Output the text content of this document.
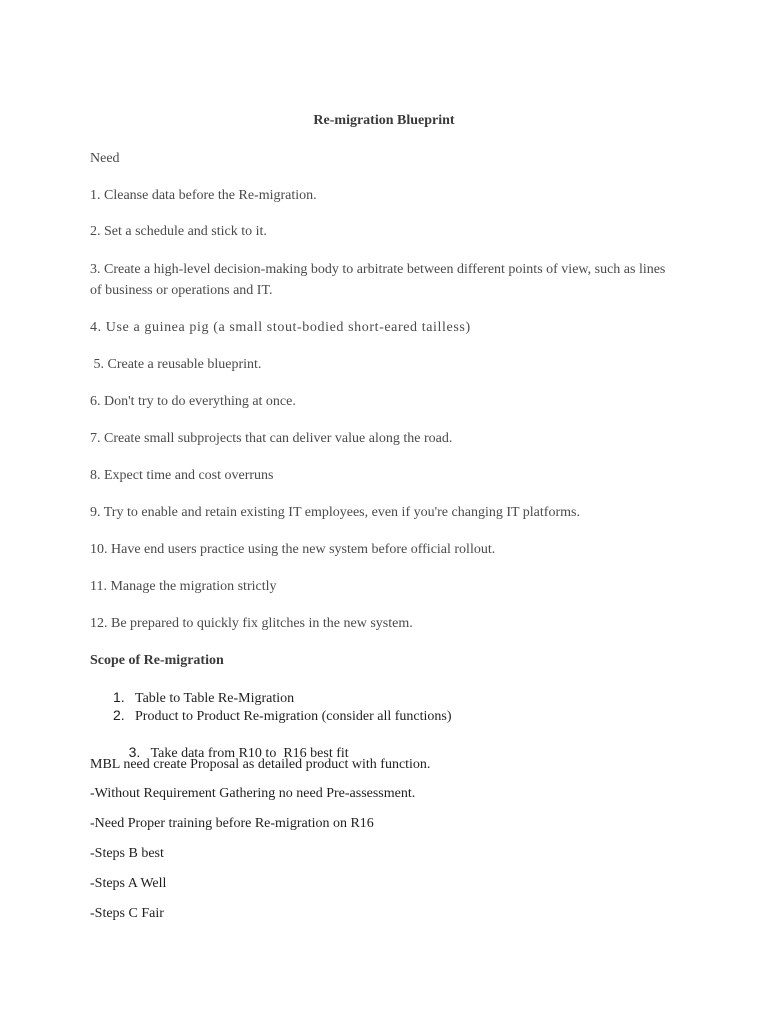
Re-migration Blueprint
Need
1. Cleanse data before the Re-migration.
2. Set a schedule and stick to it.
3. Create a high-level decision-making body to arbitrate between different points of view, such as lines of business or operations and IT.
4. Use a guinea pig (a small stout-bodied short-eared tailless)
5. Create a reusable blueprint.
6. Don't try to do everything at once.
7. Create small subprojects that can deliver value along the road.
8. Expect time and cost overruns
9. Try to enable and retain existing IT employees, even if you're changing IT platforms.
10. Have end users practice using the new system before official rollout.
11. Manage the migration strictly
12. Be prepared to quickly fix glitches in the new system.
Scope of Re-migration
1. Table to Table Re-Migration
2. Product to Product Re-migration (consider all functions)

3. Take data from R10 to  R16 best fit

MBL need create Proposal as detailed product with function.
-Without Requirement Gathering no need Pre-assessment.
-Need Proper training before Re-migration on R16
-Steps B best
-Steps A Well
-Steps C Fair
